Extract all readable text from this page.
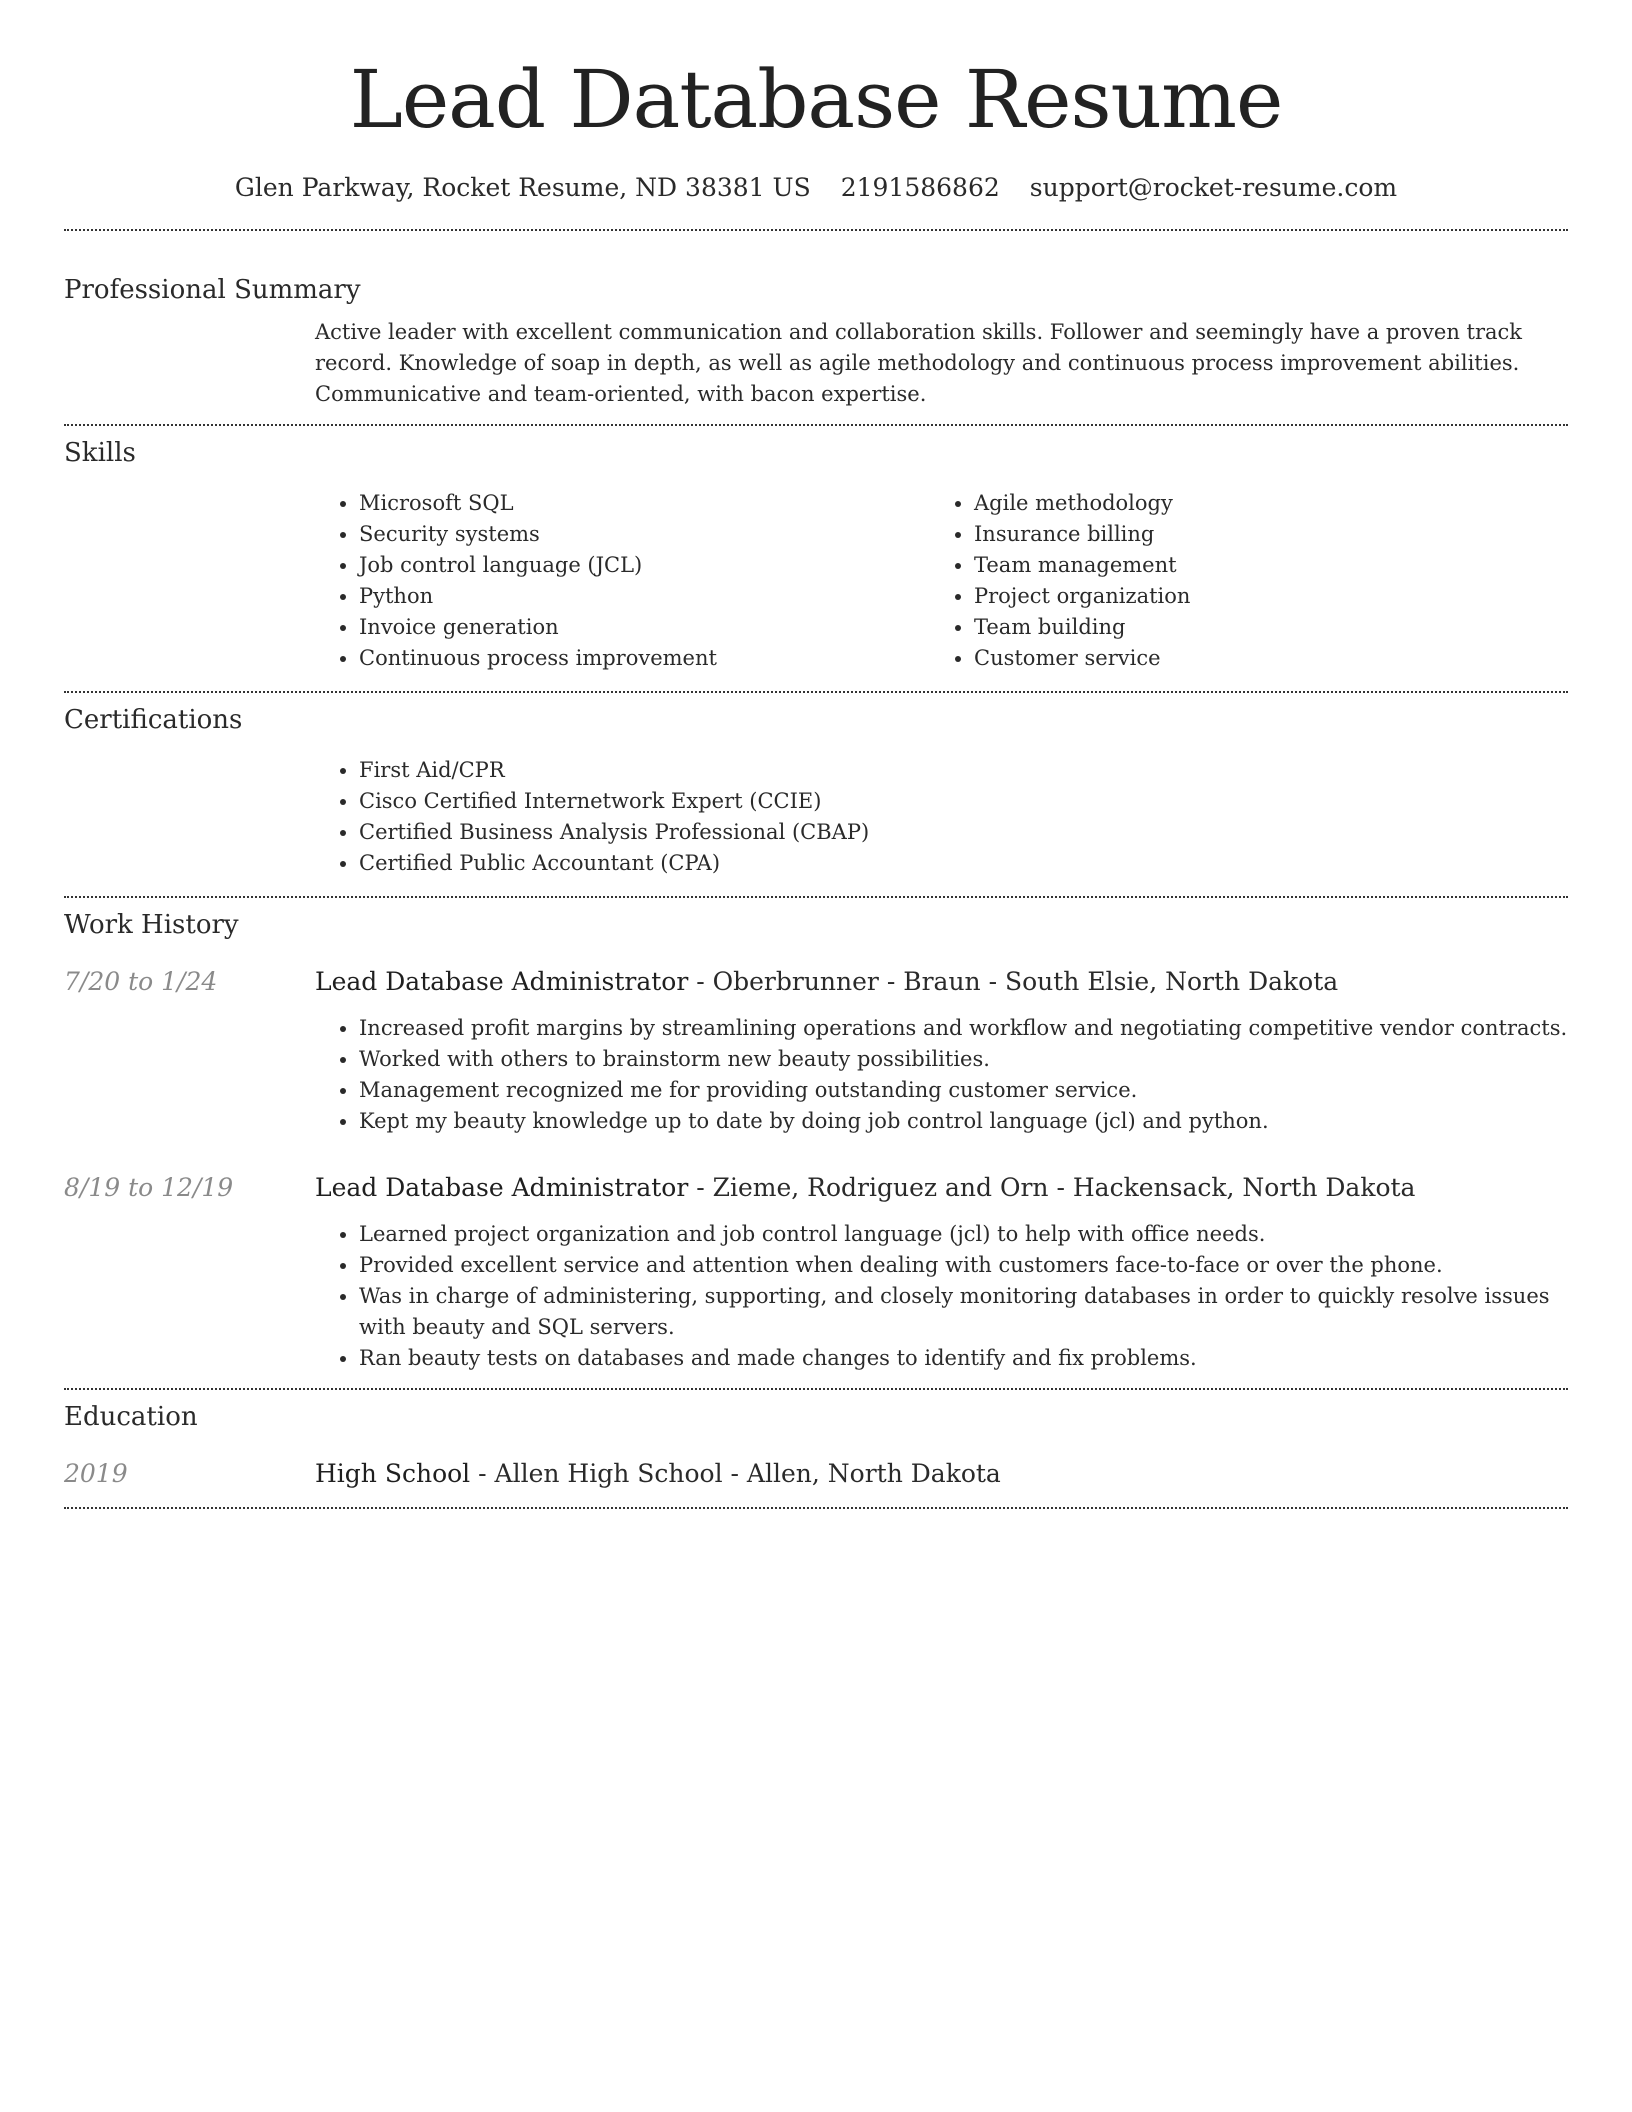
Lead Database Resume
Glen Parkway, Rocket Resume, ND 38381 US 2191586862 support@rocket-resume.com
Professional Summary
Active leader with excellent communication and collaboration skills. Follower and seemingly have a proven track record. Knowledge of soap in depth, as well as agile methodology and continuous process improvement abilities. Communicative and team-oriented, with bacon expertise.
Skills
• Microsoft SQL
• Security systems
• Job control language (JCL)
• Python
• Invoice generation
• Continuous process improvement
• Agile methodology
• Insurance billing
• Team management
• Project organization
• Team building
• Customer service
Certifications
• First Aid/CPR
• Cisco Certified Internetwork Expert (CCIE)
• Certified Business Analysis Professional (CBAP)
• Certified Public Accountant (CPA)
Work History
7/20 to 1/24	Lead Database Administrator - Oberbrunner - Braun - South Elsie, North Dakota
• Increased profit margins by streamlining operations and workflow and negotiating competitive vendor contracts.
• Worked with others to brainstorm new beauty possibilities.
• Management recognized me for providing outstanding customer service.
• Kept my beauty knowledge up to date by doing job control language (jcl) and python.
8/19 to 12/19	Lead Database Administrator - Zieme, Rodriguez and Orn - Hackensack, North Dakota
• Learned project organization and job control language (jcl) to help with office needs.
• Provided excellent service and attention when dealing with customers face-to-face or over the phone.
• Was in charge of administering, supporting, and closely monitoring databases in order to quickly resolve issues with beauty and SQL servers.
• Ran beauty tests on databases and made changes to identify and fix problems.
Education
2019	High School - Allen High School - Allen, North Dakota
